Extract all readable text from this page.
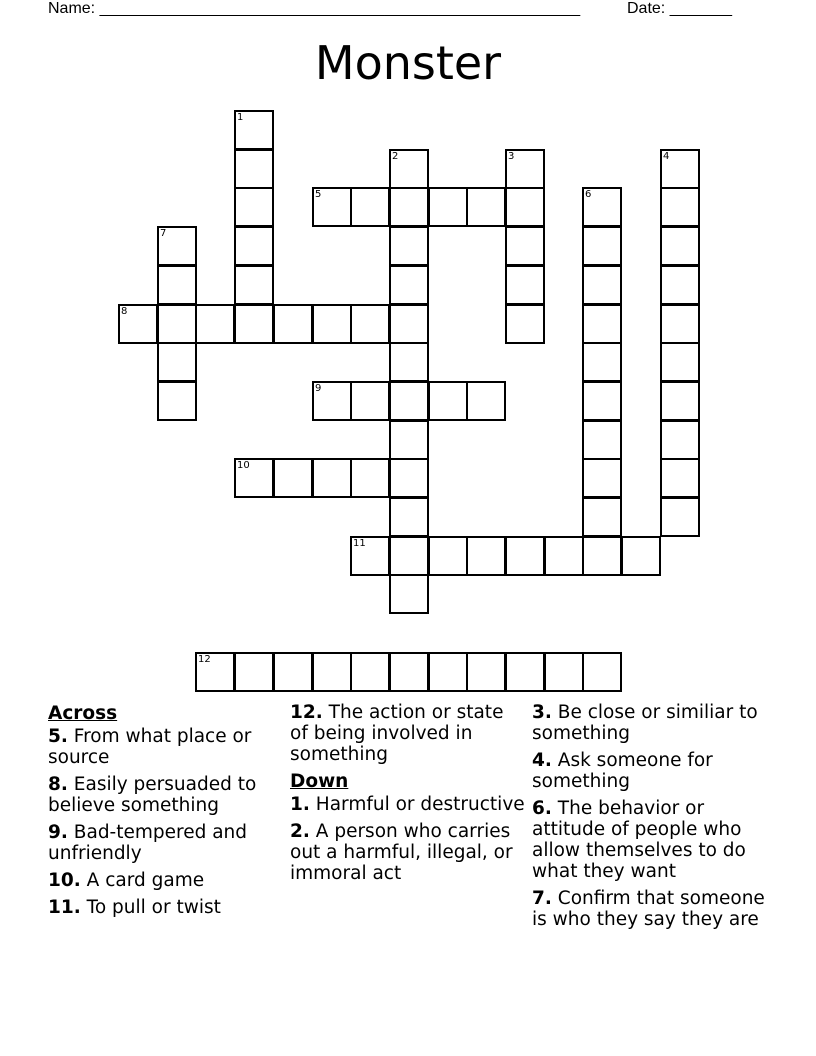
Name: ______________________________________________________	Date: _______
Monster
1
2	3	4
5	6
7
8
9
10
11
12
Across
5. From what place or source
8. Easily persuaded to believe something
9. Bad-tempered and unfriendly
10. A card game
11. To pull or twist
12. The action or state of being involved in something
Down
1. Harmful or destructive
2. A person who carries out a harmful, illegal, or immoral act
3. Be close or similiar to something
4. Ask someone for something
6. The behavior or attitude of people who allow themselves to do what they want
7. Confirm that someone is who they say they are
